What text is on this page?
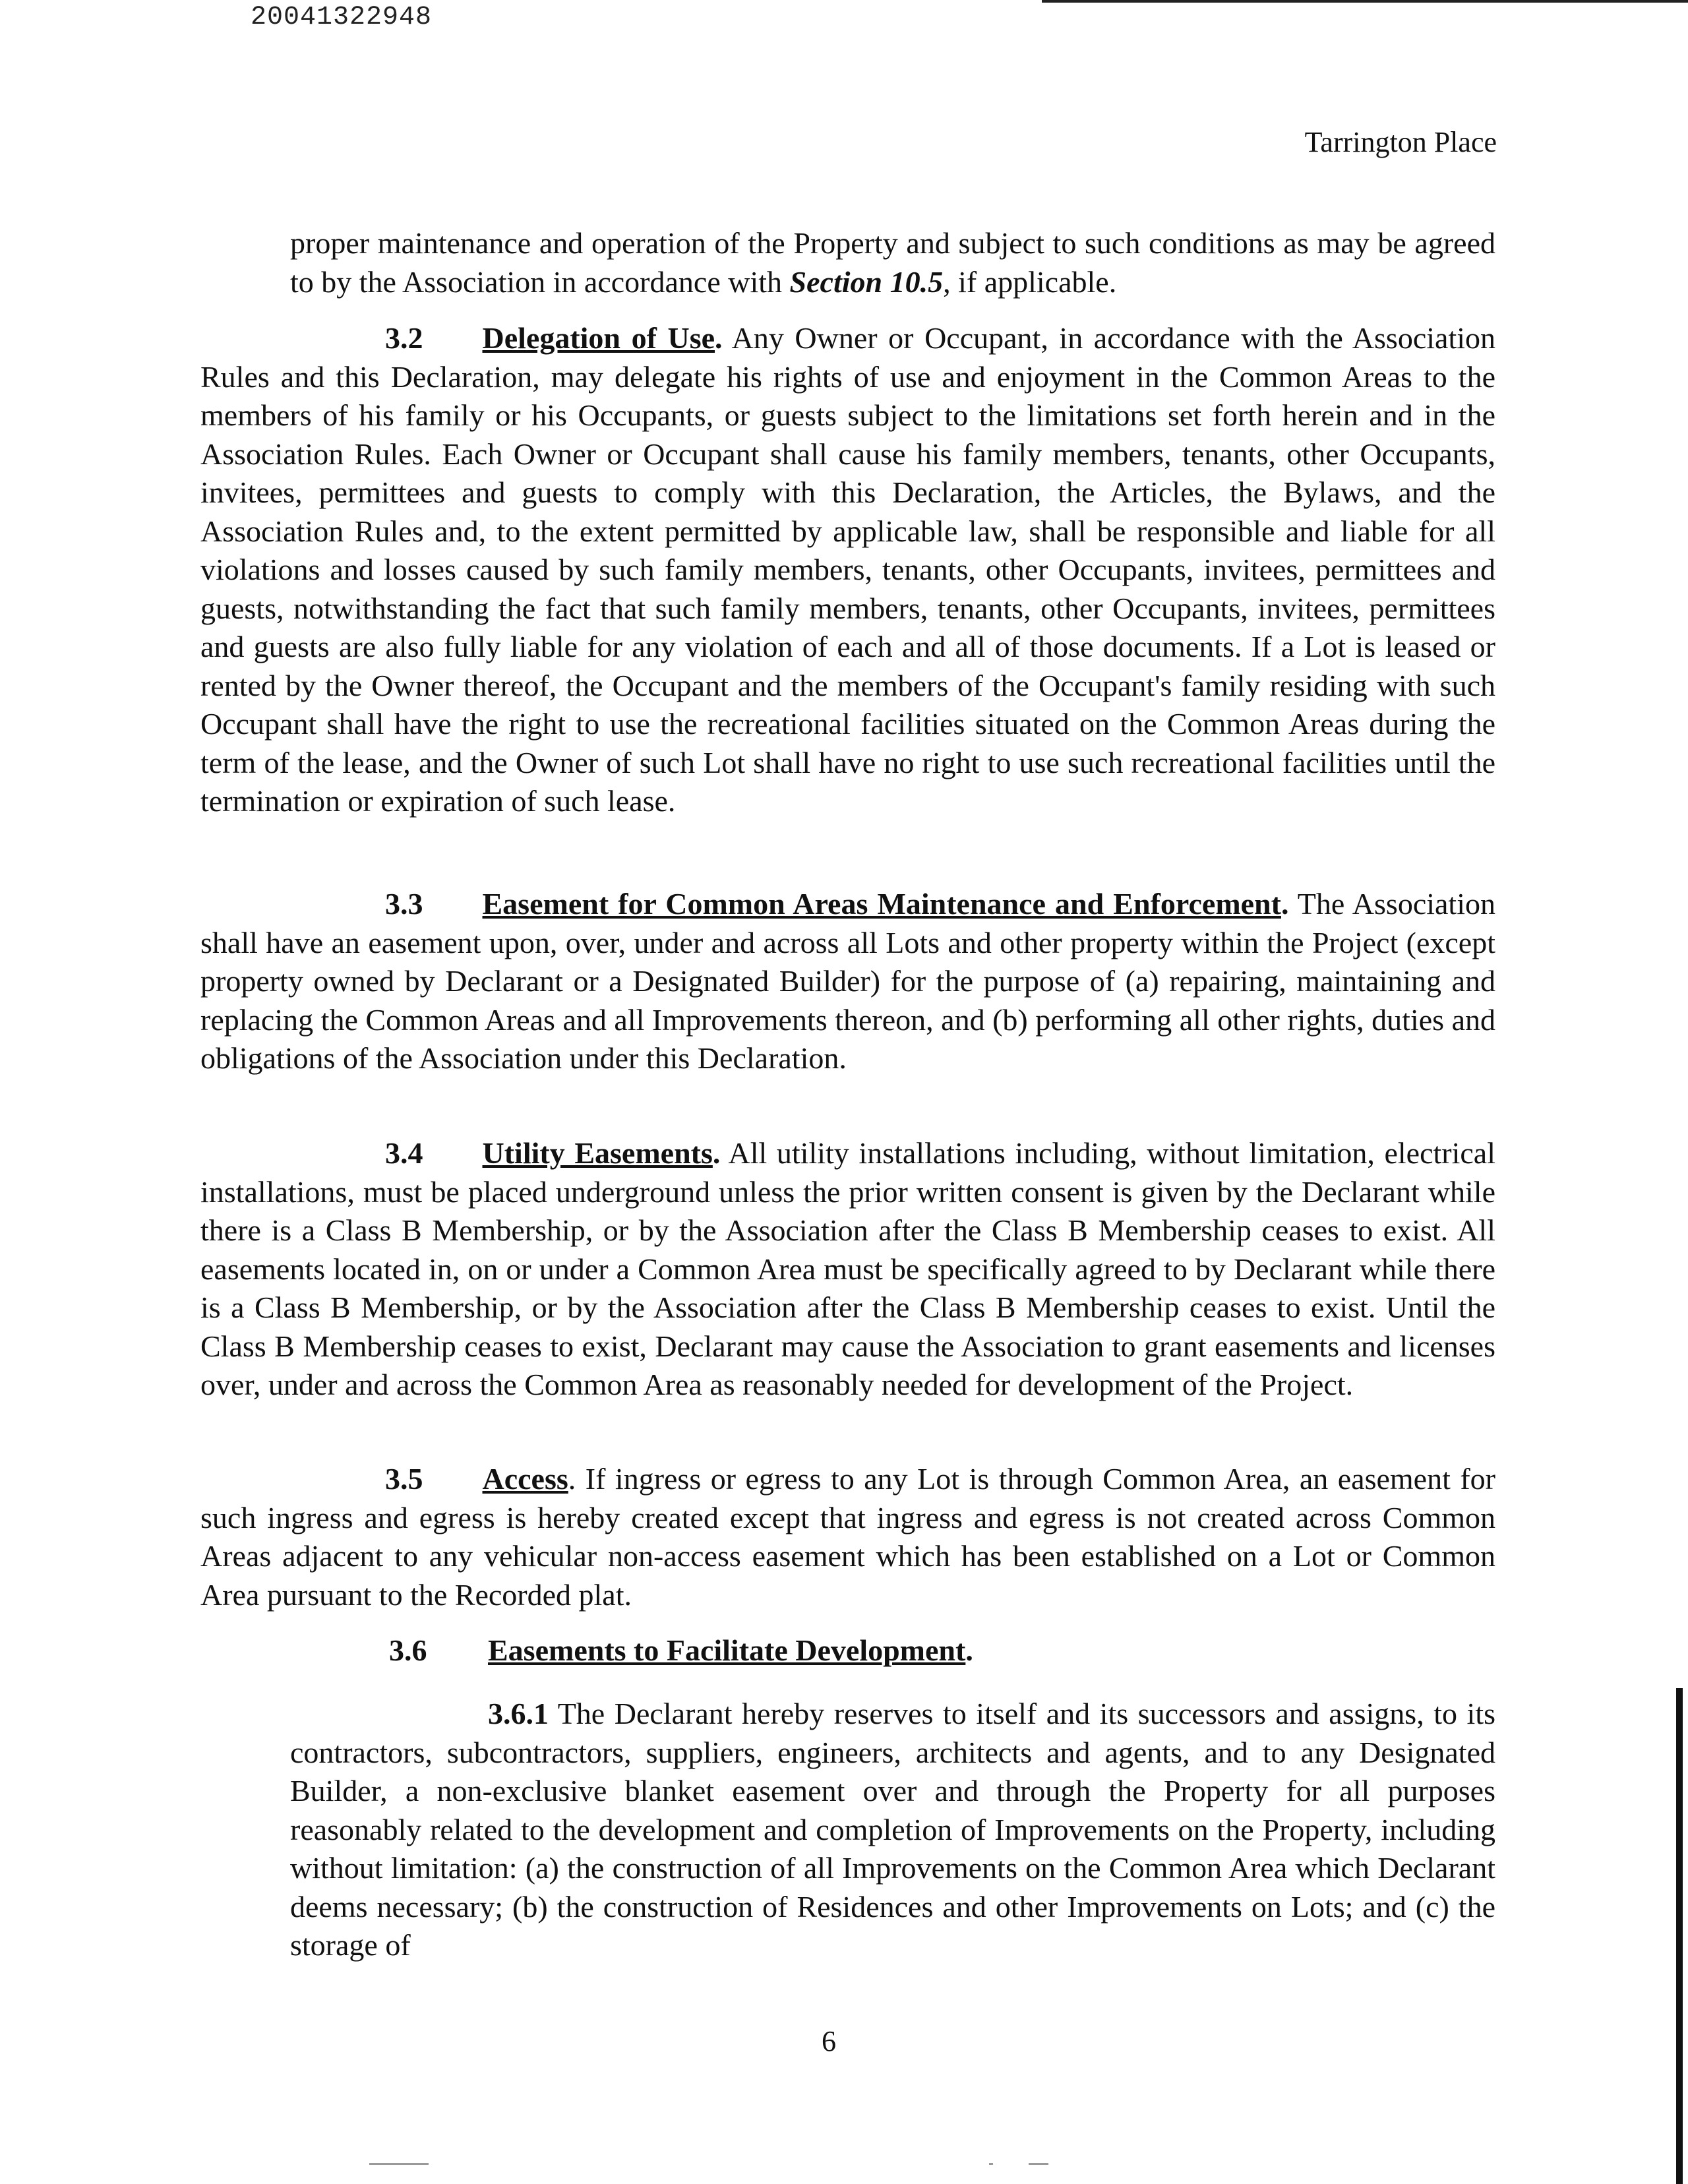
20041322948
Tarrington Place

proper maintenance and operation of the Property and subject to such conditions as may be agreed to by the Association in accordance with Section 10.5, if applicable.

3.2 Delegation of Use. Any Owner or Occupant, in accordance with the Association Rules and this Declaration, may delegate his rights of use and enjoyment in the Common Areas to the members of his family or his Occupants, or guests subject to the limitations set forth herein and in the Association Rules. Each Owner or Occupant shall cause his family members, tenants, other Occupants, invitees, permittees and guests to comply with this Declaration, the Articles, the Bylaws, and the Association Rules and, to the extent permitted by applicable law, shall be responsible and liable for all violations and losses caused by such family members, tenants, other Occupants, invitees, permittees and guests, notwithstanding the fact that such family members, tenants, other Occupants, invitees, permittees and guests are also fully liable for any violation of each and all of those documents. If a Lot is leased or rented by the Owner thereof, the Occupant and the members of the Occupant's family residing with such Occupant shall have the right to use the recreational facilities situated on the Common Areas during the term of the lease, and the Owner of such Lot shall have no right to use such recreational facilities until the termination or expiration of such lease.

3.3 Easement for Common Areas Maintenance and Enforcement. The Association shall have an easement upon, over, under and across all Lots and other property within the Project (except property owned by Declarant or a Designated Builder) for the purpose of (a) repairing, maintaining and replacing the Common Areas and all Improvements thereon, and (b) performing all other rights, duties and obligations of the Association under this Declaration.

3.4 Utility Easements. All utility installations including, without limitation, electrical installations, must be placed underground unless the prior written consent is given by the Declarant while there is a Class B Membership, or by the Association after the Class B Membership ceases to exist. All easements located in, on or under a Common Area must be specifically agreed to by Declarant while there is a Class B Membership, or by the Association after the Class B Membership ceases to exist. Until the Class B Membership ceases to exist, Declarant may cause the Association to grant easements and licenses over, under and across the Common Area as reasonably needed for development of the Project.

3.5 Access. If ingress or egress to any Lot is through Common Area, an easement for such ingress and egress is hereby created except that ingress and egress is not created across Common Areas adjacent to any vehicular non-access easement which has been established on a Lot or Common Area pursuant to the Recorded plat.

3.6 Easements to Facilitate Development.

3.6.1 The Declarant hereby reserves to itself and its successors and assigns, to its contractors, subcontractors, suppliers, engineers, architects and agents, and to any Designated Builder, a non-exclusive blanket easement over and through the Property for all purposes reasonably related to the development and completion of Improvements on the Property, including without limitation: (a) the construction of all Improvements on the Common Area which Declarant deems necessary; (b) the construction of Residences and other Improvements on Lots; and (c) the storage of

6
